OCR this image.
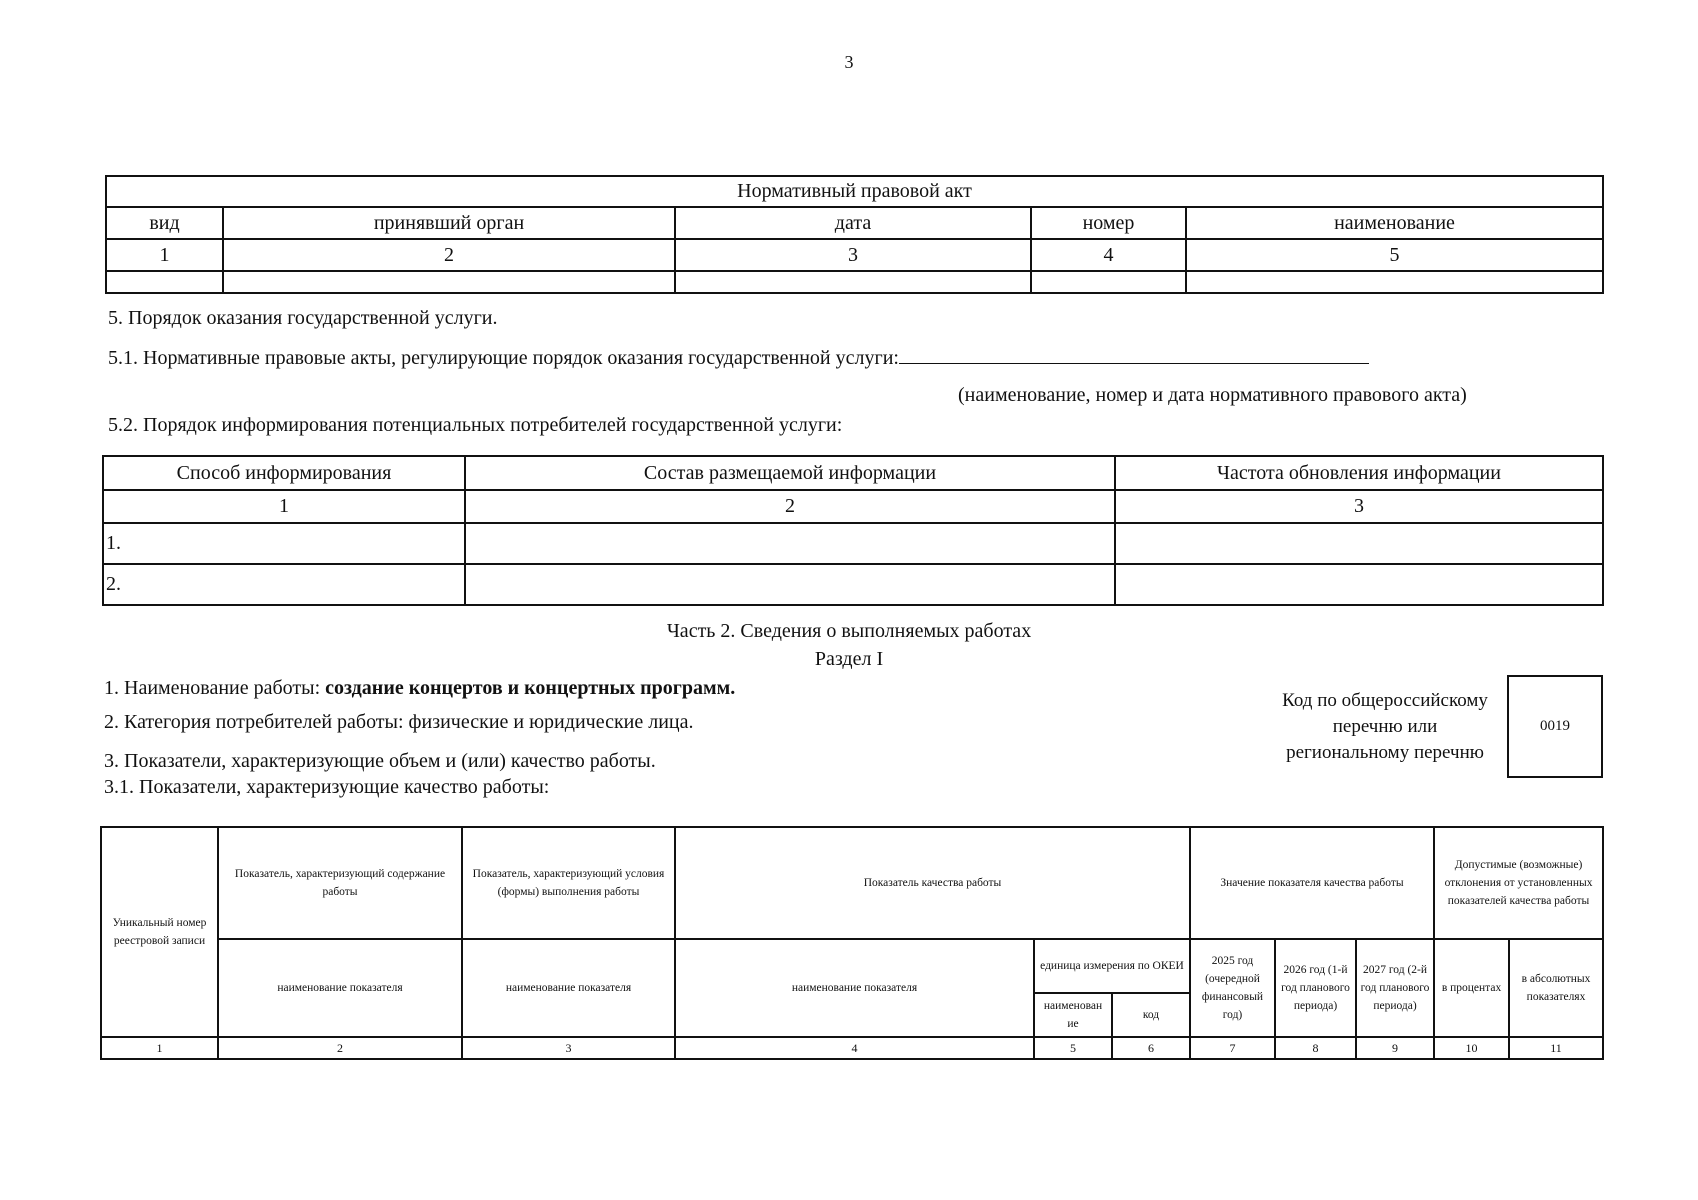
3
Нормативный правовой акт				
вид	принявший орган	дата	номер	наименование
1	2	3	4	5

5. Порядок оказания государственной услуги.
5.1. Нормативные правовые акты, регулирующие порядок оказания государственной услуги:
(наименование, номер и дата нормативного правового акта)
5.2. Порядок информирования потенциальных потребителей государственной услуги:
Способ информирования	Состав размещаемой информации	Частота обновления информации
1	2	3
1.		
2.		
Часть 2. Сведения о выполняемых работах
Раздел I
1. Наименование работы: создание концертов и концертных программ.
2. Категория потребителей работы: физические и юридические лица.
3. Показатели, характеризующие объем и (или) качество работы.
3.1. Показатели, характеризующие качество работы:
Код по общероссийскому
перечню или
региональному перечню
0019
Уникальный номер реестровой записи	Показатель, характеризующий содержание работы	Показатель, характеризующий условия (формы) выполнения работы	Показатель качества работы			Значение показателя качества работы			Допустимые (возможные) отклонения от установленных показателей качества работы	
	наименование показателя	наименование показателя	наименование показателя	единица измерения по ОКЕИ		2025 год (очередной финансовый год)	2026 год (1-й год планового периода)	2027 год (2-й год планового периода)	в процентах	в абсолютных показателях
				наименован ие	код					
1	2	3	4	5	6	7	8	9	10	11
